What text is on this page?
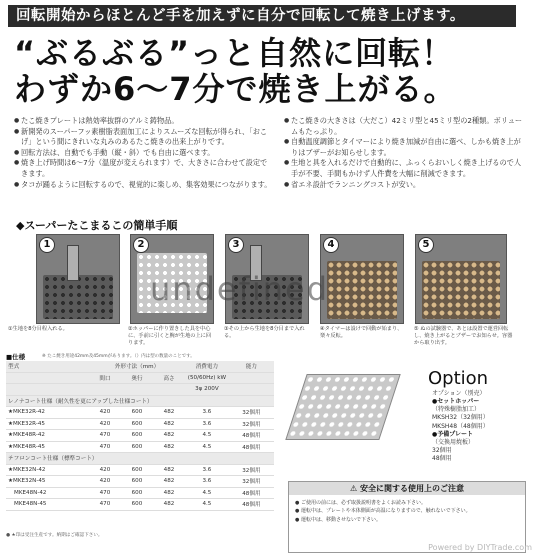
回転開始からほとんど手を加えずに自分で回転して焼き上げます。
“ぶるぶる”っと自然に回転！
わずか6〜7分で焼き上がる。
● たこ焼きプレートは熱効率抜群のアルミ鋳物品。
● 新開発のスーパーフッ素樹脂表面加工によりスムーズな回転が得られ、「おこげ」という間にきれいな丸みのあるたこ焼きの出来上がりです。
● 回転方法は、自動でも手動（縦・斜）でも自由に選べます。
● 焼き上げ時間は6〜7分（温度が変えられます）で、大きさに合わせて設定できます。
● タコが踊るように回転するので、視覚的に楽しめ、集客効果につながります。
● たこ焼きの大きさは（大だこ）42ミリ型と45ミリ型の2種類。ボリュームもたっぷり。
● 自動温度調節とタイマーにより焼き加減が自由に選べ、しかも焼き上がりはブザーがお知らせします。
● 生地と具を入れるだけで自動的に、ふっくらおいしく焼き上げるので人手が不要、手間もかけず人件費を大幅に削減できます。
● 省エネ設計でランニングコストが安い。
◆スーパーたこまるこの簡単手順
1	2	3	4	5
①生地を8分目程入れる。	②ホッパーに作り置きした具を中心に、手前に引くと腕が生地の上に回ります。
③その上から生地を8分目まで入れる。
④タイマーは設けで回動が始まり、楽々反転。
⑤ ぬの試験器で、あとは設置で運営回転し、焼き上がるとブザーでお知らせ。容器から取り出す。
undefined
■仕様	※ たこ焼き用途42mm及45mmがあります。（）内は型の数量のことです。
型式	外形寸法（mm）			消費電力	能力
	間口	奥行	高さ	(50/60Hz) kW	
				3φ 200V	
レノナコート仕様（耐久性を更にアップした仕様コート）					
★MKE32R-42	420	600	482	3.6	32個用
★MKE32R-45	420	600	482	3.6	32個用
★MKE48R-42	470	600	482	4.5	48個用
★MKE48R-45	470	600	482	4.5	48個用
テフロンコート仕様（標準コート）					
★MKE32N-42	420	600	482	3.6	32個用
★MKE32N-45	420	600	482	3.6	32個用
MKE48N-42	470	600	482	4.5	48個用
MKE48N-45	470	600	482	4.5	48個用
● ★印は受注生産です。納期はご確認下さい。
Option
オプション（別売）
●セットホッパー
（特殊樹脂加工）
MKSH32（32個用）
MKSH48（48個用）
●予備プレート
（交換用焼板）
32個用
48個用
⚠ 安全に関する使用上のご注意
● ご使用の前には、必ず取扱説明書をよくお読み下さい。
● 運転中は、プレートや本体側面が高温になりますので、触れないで下さい。
● 運転中は、移動させないで下さい。
Powered by DIYTrade.com
